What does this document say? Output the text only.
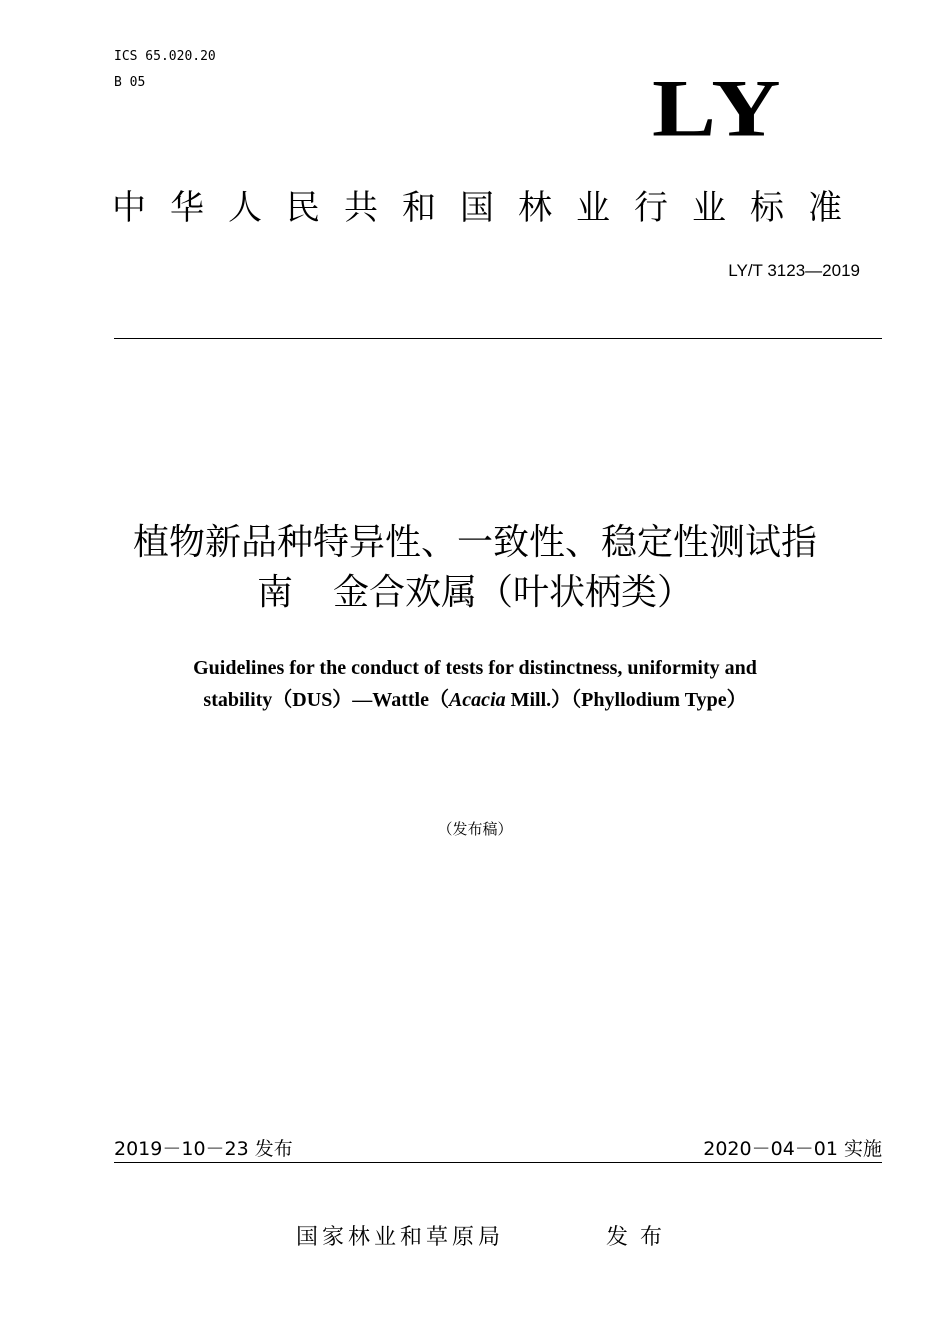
ICS 65.020.20
B 05	LY
中华人民共和国林业行业标准
LY/T 3123—2019
植物新品种特异性、一致性、稳定性测试指
南 金合欢属（叶状柄类）
Guidelines for the conduct of tests for distinctness, uniformity and
stability（DUS）—Wattle（Acacia Mill.）（Phyllodium Type）
（发布稿）
2019－10－23 发布	2020－04－01 实施
国家林业和草原局	发布
